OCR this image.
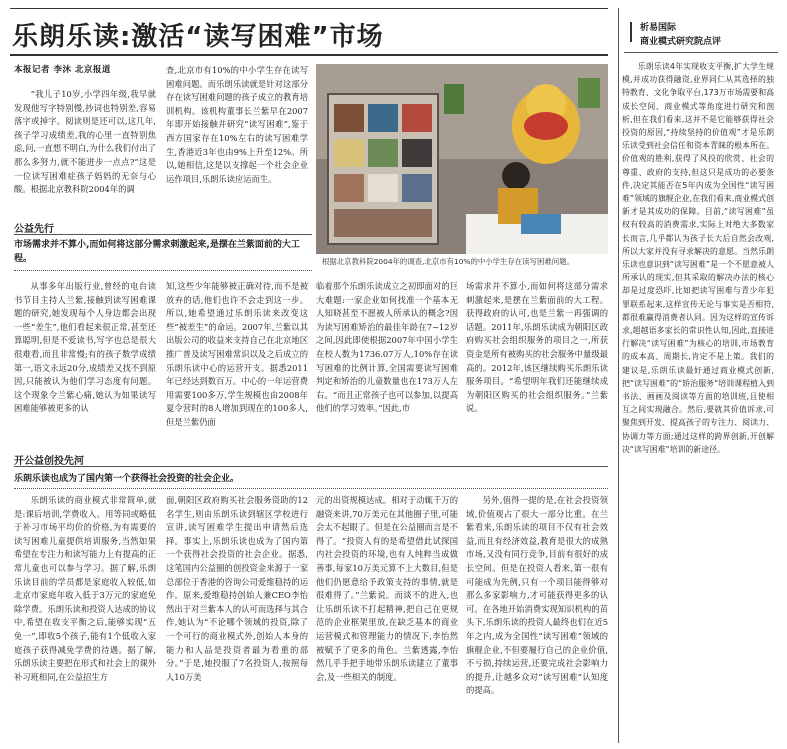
乐朗乐读:激活“读写困难”市场
本报记者 李沐 北京报道

“我儿子10岁,小学四年级,我早就发现他写字特别慢,抄词也特别差,容易落字或掉字。阅读则是还可以,这几年,孩子学习成绩差,我的心里一直特别焦虑,问,一直想不明白,为什么我们付出了那么多努力,就不能进步一点点?”这是一位读写困难症孩子妈妈的无奈与心酸。根据北京教科院2004年的调

查,北京市有10%的中小学生存在读写困难问题。而乐朗乐读就是针对这部分存在读写困难问题的孩子成立的教育培训机构。该机构董事长兰紫早在2007年即开始接触并研究“读写困难”,鉴于西方国家存在10%左右的读写困难学生,香港近3年也由9%上升至12%。所以,她相信,这是以支撑起一个社会企业运作项目,乐朗乐读应运而生。

根据北京教科院2004年的调查,北京市有10%的中小学生存在读写困难问题。
公益先行
市场需求并不算小,而如何将这部分需求刺激起来,是摆在兰紫面前的大工程。

从事多年出版行业,曾经的电台读书节目主持人兰紫,接触到读写困难课题的研究,她发现每个人身边都会出现一些“差生”,他们看起来很正常,甚至还算聪明,但是不爱读书,写字也总是很大很难看,而且非常慢;有的孩子数学成绩第一,语文永远20分,成绩差又找不到原因,只能被认为他们学习态度有问题。这个现象令兰紫心痛,她认为如果读写困难能够被更多的认

知,这些少年能够被正确对待,而不是被放弃的话,他们也许不会走到这一步。所以,她希望通过乐朗乐读来改变这些“被差生”的命运。2007年,兰紫以其出版公司的收益来支持自己在北京地区推广普及读写困难常识以及之后成立的乐朗乐读中心的运营开支。据悉2011年已经达到数百万。中心的一年运营费用需要100多万,学生规模也由2008年夏令营时的8人增加到现在的100多人,但是兰紫仍面

临着那个乐朗乐读成立之初即面对的巨大难题:一家企业如何找准一个基本无人知晓甚至不愿被人所承认的概念?因为读写困难矫治的最佳年龄在7~12岁之间,因此即使根据2007年中国小学生在校人数为1736.07万人,10%存在读写困难的比例计算,全国需要读写困难判定和矫治的儿童数量也在173万人左右。“而且正常孩子也可以参加,以提高他们的学习效率。”因此,市

场需求并不算小,而如何将这部分需求刺激起来,是摆在兰紫面前的大工程。获得政府的认可,也是兰紫一再强调的话题。2011年,乐朗乐读成为朝阳区政府购买社会组织服务的项目之一,所获资金是所有被购买的社会服务中量级最高的。2012年,该区继续购买乐朗乐读服务项目。“希望明年我们还能继续成为朝阳区购买的社会组织服务。”兰紫说。

开公益创投先河
乐朗乐读也成为了国内第一个获得社会投资的社会企业。

乐朗乐读的商业模式非常简单,就是:课后培训,学费收入。用等同或略低于补习市场平均价的价格,为有需要的读写困难儿童提供培训服务,当然如果希望在专注力和读写能力上有提高的正常儿童也可以参与学习。据了解,乐朗乐读目前的学员都是家庭收入较低,如北京市家庭年收入低于3万元的家庭免除学费。乐朗乐读和投资人达成的协议中,希望在收支平衡之后,能够实现“五免一”,即收5个孩子,能有1个低收入家庭孩子获得减免学费的待遇。据了解,乐朗乐读主要把在形式和社会上的课外补习班相同,在公益招生方

面,朝阳区政府购买社会服务资助的12名学生,则由乐朗乐读到辖区学校进行宣讲,读写困难学生提出申请然后选择。事实上,乐朗乐读也成为了国内第一个获得社会投资的社会企业。据悉,这笔国内公益圈的创投资金来源于一家总部位于香港的咨询公司爱维稳持的运作。原来,爱维稳持创始人兼CEO李怡然出于对兰紫本人的认可而选择与其合作,她认为“不论哪个领域的投资,除了一个可行的商业模式外,创始人本身的能力和人品是投资者最为看重的部分。”于是,她投服了7名投资人,按照每人10万美

元的出资规模达成。相对于动辄千万的融资来讲,70万美元在其他圈子里,可能会太不起眼了。但是在公益圈而言是不得了。“投资人有的是希望借此试探国内社会投资的环境,也有人纯粹当成做善事,每家10万美元算不上大数目,但是他们仍愿意给予政策支持的事情,就是很难得了。”兰紫说。而谈不的进入,也让乐朗乐读不打起精神,把自己在更规范的企业框架里放,在缺乏基本的商业运营模式和管理能力的情况下,李怡然被赋予了更多的角色。兰紫透露,李怡然几乎手把手地带乐朗乐读建立了董事会,及一些相关的制度。

另外,值得一提的是,在社会投资领域,价值观占了很大一部分比重。在兰紫看来,乐朗乐读的项目不仅有社会效益,而且有经济效益,教育是很大的成熟市场,又没有同行竞争,目前有很好的成长空间。但是在投资人看来,第一很有可能成为先例,只有一个项目能得够对那么多家影响力,才可能获得更多的认可。在各地开始消费实现知识机构的苗头下,乐朗乐读的投资人最终也们在近5年之内,成为全国性“读写困难”领域的旗舰企业,不但要履行自己的企业价值,不亏损,持续运营,还要完成社会影响力的提升,让越多众对“读写困难”认知度的提高。

析易国际
商业模式研究院点评

乐朗乐读4年实现收支平衡,扩大学生规模,并成功获得融资,业界同仁从其选择的独特教育、文化争取平台,173万市场需要和高成长空间、商业模式等角度进行研究和剖析,但在我们看来,这并不是它能够获得社会投资的原因,“持续坚持的价值观”才是乐朗乐读受到社会信任和资本青睐的根本所在。价值观的胜利,获得了风投的欣赏、社会的尊重、政府的支持,但这只是成功的必要条件,决定其能否在5年内成为全国性“读写困难”领域的旗舰企业,在我们看来,商业模式创新才是其成功的保障。目前,“读写困难”虽权有较高的消费需求,实际上对绝大多数家长而言,几乎都认为孩子长大后自然会改观,所以大家并没有寻求解决的意愿。当然乐朗乐读也意识到“读写困难”是一个不愿意被人所承认的现实,但其采取的解决办法的核心却是过度恐吓,比如把读写困难与青少年犯罪联系起来,这样宣传无论与事实是否相符,都很难赢得消费者认同。因为这样的宣传诉求,超越语多家长的常识性认知,因此,直接进行解决“读写困难”为核心的培训,市场教育的成本高、周期长,肯定不是上策。我们的建议是,乐朗乐读最好通过商业模式创新,把“读写困难”的“矫治服务”培训课程植入到书法、画画及阅读等方面的培训班,且使相互之间实现融合。然后,要就其价值诉求,可聚焦到开发、提高孩子的专注力、阅读力、协调力等方面;通过这样的跨界创新,开创解决“读写困难”培训的新途径。
